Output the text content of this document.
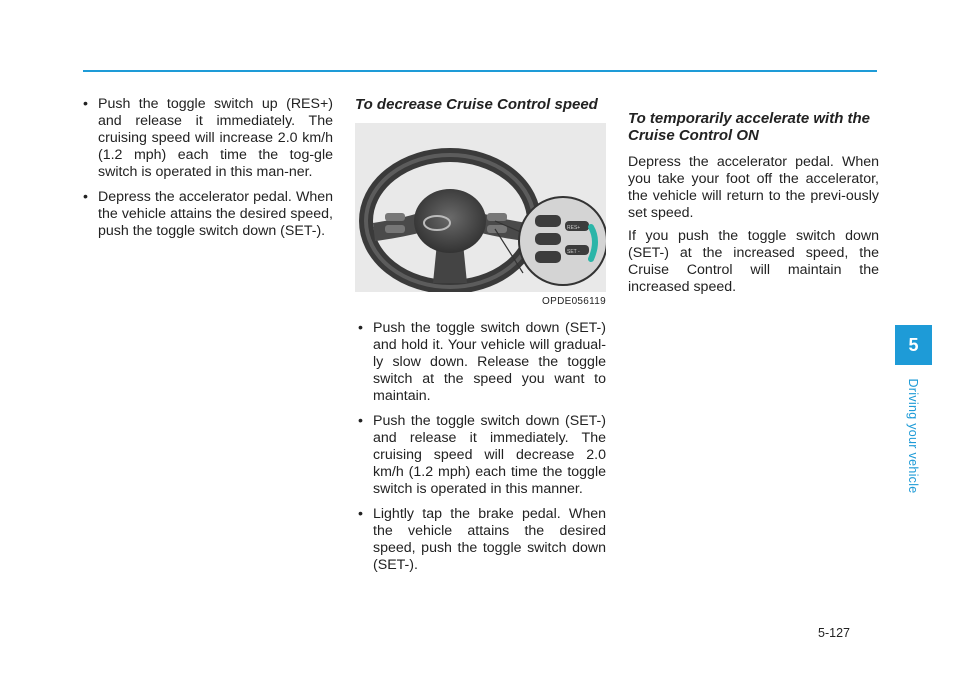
• Push the toggle switch up (RES+) and release it immediately. The cruising speed will increase 2.0 km/h (1.2 mph) each time the tog-gle switch is operated in this man-ner.
• Depress the accelerator pedal. When the vehicle attains the desired speed, push the toggle switch down (SET-).
To decrease Cruise Control speed
RES+
SET -
OPDE056119
• Push the toggle switch down (SET-) and hold it. Your vehicle will gradual-ly slow down. Release the toggle switch at the speed you want to maintain.
• Push the toggle switch down (SET-) and release it immediately. The cruising speed will decrease 2.0 km/h (1.2 mph) each time the toggle switch is operated in this manner.
• Lightly tap the brake pedal. When the vehicle attains the desired speed, push the toggle switch down (SET-).
To temporarily accelerate with the Cruise Control ON

Depress the accelerator pedal. When you take your foot off the accelerator, the vehicle will return to the previ-ously set speed.

If you push the toggle switch down (SET-) at the increased speed, the Cruise Control will maintain the increased speed.

5
Driving your vehicle
5-127
